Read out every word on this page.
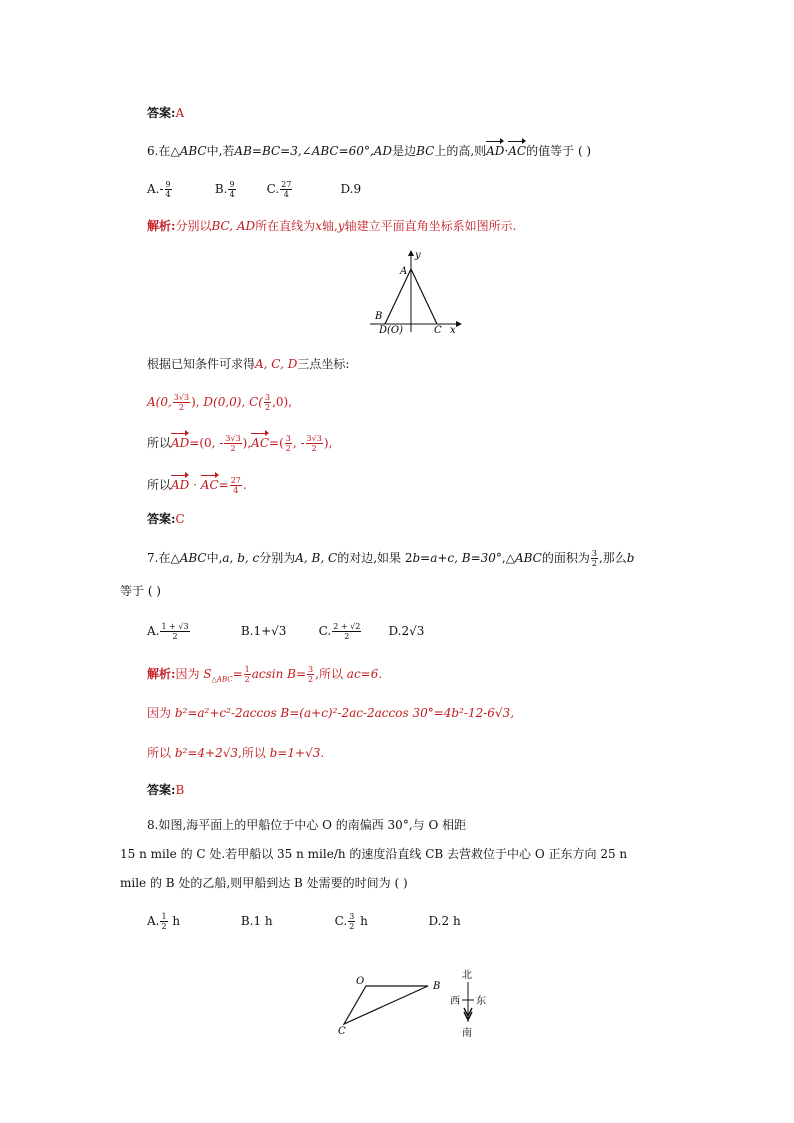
答案:A
6.在△ABC中,若AB=BC=3,∠ABC=60°,AD是边BC上的高,则AD·AC的值等于 ( )
$A.- \frac{9}{4}$	B. $\frac{9}{4}$	C. $\frac{27}{4}$	D.9
解析:分别以BC, AD所在直线为x轴,y轴建立平面直角坐标系如图所示.
A
y
B
D(O)	C x
根据已知条件可求得A, C, D三点坐标:
A(0, $\frac{3√3}{2}$ ), D(0,0), $C( \frac{3}{2} ,0)$,
所以AD=(0, - $\frac{3√3}{2} ),AC=( \frac{3}{2}$ , - $\frac{3√3}{2}$ ),
所以AD · $AC= \frac{27}{4}$ .
答案:C
7.在△ABC中,a, b, c分别为A, B, C的对边,如果 2b=a+c, B=30°,△ABC的面积为 $\frac{3}{2}$ ,那么b
等于 ( )
A. $\frac{1 + √3}{2}$	B.1+√3	C. $\frac{2 + √2}{2} D.2√3$
解析:因为 $S_{\triangle ABC}= \frac{1}{2}$ acsin $B= \frac{3}{2}$ ,所以 ac=6.
因为 b²=a²+c²-2accos B=(a+c)²-2ac-2accos 30°=4b²-12-6√3,
所以 b²=4+2√3,所以 b=1+√3.
答案:B
8.如图,海平面上的甲船位于中心 O 的南偏西 30°,与 O 相距
15 n mile 的 C 处.若甲船以 35 n mile/h 的速度沿直线 CB 去营救位于中心 O 正东方向 25 n
mile 的 B 处的乙船,则甲船到达 B 处需要的时间为 ( )
A. $\frac{1}{2}$ h	B.1 h	C. $\frac{3}{2}$ h	D.2 h
O	B
C
北
西 东
南
